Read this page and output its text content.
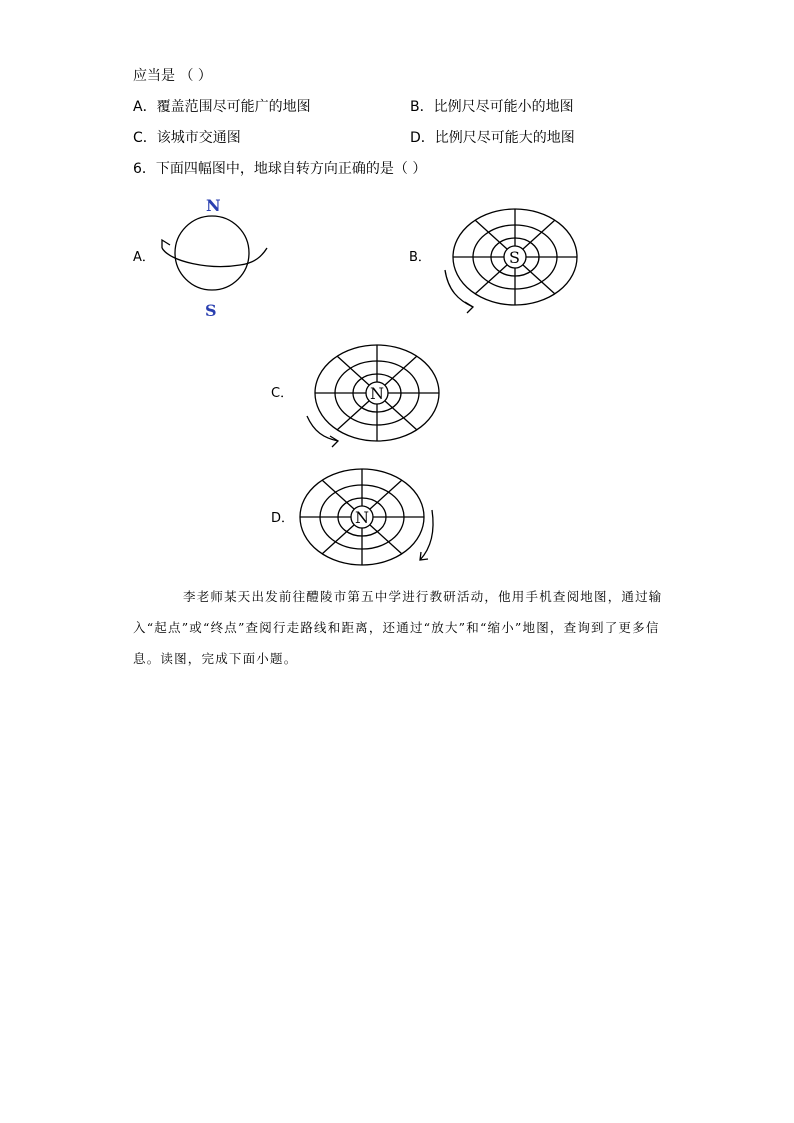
应当是 （ ）
A．覆盖范围尽可能广的地图	B．比例尺尽可能小的地图
C．该城市交通图	D．比例尺尽可能大的地图
6．下面四幅图中，地球自转方向正确的是（ ）
A．
N
S
B．	S
C．	N
D．	N
李老师某天出发前往醴陵市第五中学进行教研活动，他用手机查阅地图，通过输入“起点”或“终点”查阅行走路线和距离，还通过“放大”和“缩小”地图，查询到了更多信息。读图，完成下面小题。
